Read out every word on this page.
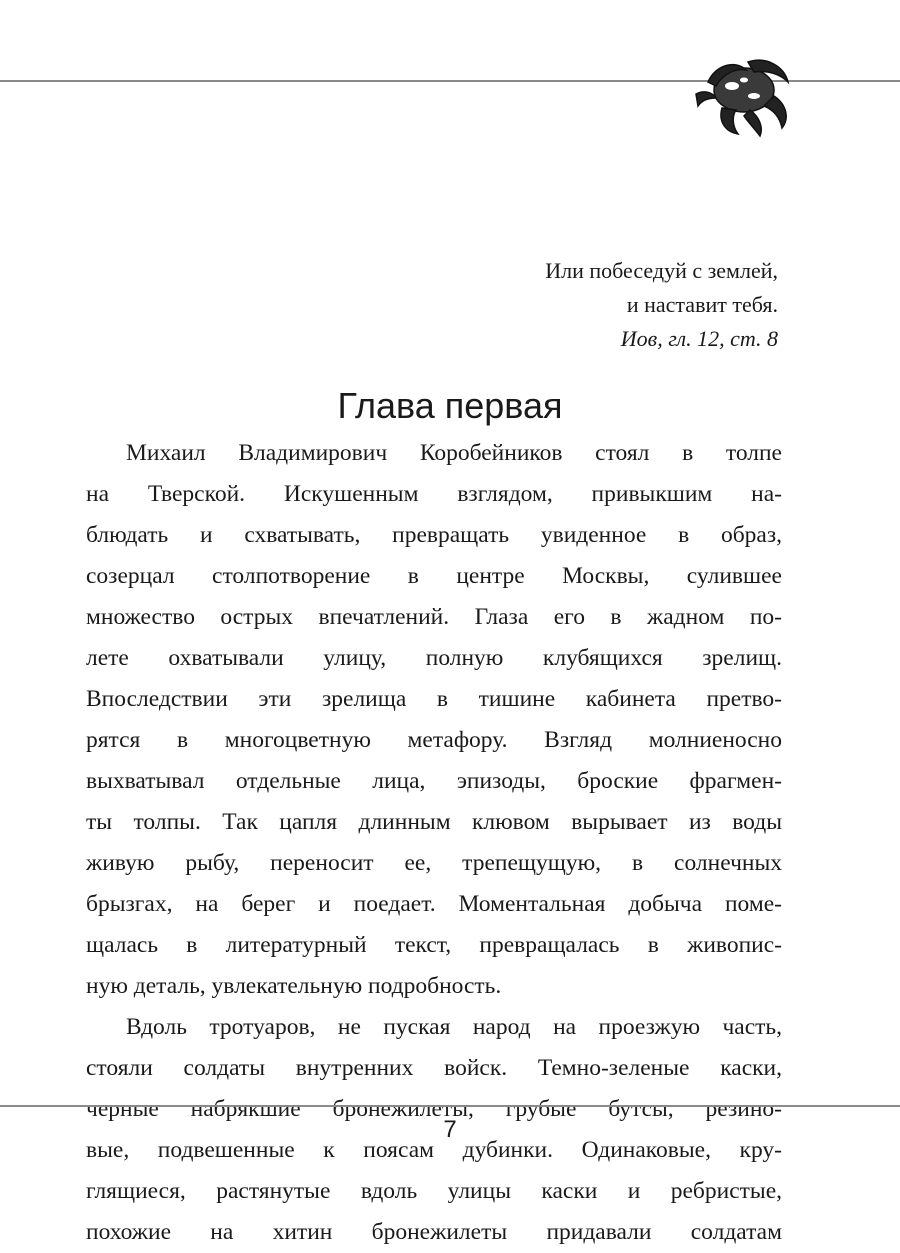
Или побеседуй с землей,
и наставит тебя.
Иов, гл. 12, ст. 8
Глава первая
Михаил Владимирович Коробейников стоял в толпе
на Тверской. Искушенным взглядом, привыкшим на-
блюдать и схватывать, превращать увиденное в образ,
созерцал столпотворение в центре Москвы, сулившее
множество острых впечатлений. Глаза его в жадном по-
лете охватывали улицу, полную клубящихся зрелищ.
Впоследствии эти зрелища в тишине кабинета претво-
рятся в многоцветную метафору. Взгляд молниеносно
выхватывал отдельные лица, эпизоды, броские фрагмен-
ты толпы. Так цапля длинным клювом вырывает из воды
живую рыбу, переносит ее, трепещущую, в солнечных
брызгах, на берег и поедает. Моментальная добыча поме-
щалась в литературный текст, превращалась в живопис-
ную деталь, увлекательную подробность.
Вдоль тротуаров, не пуская народ на проезжую часть,
стояли солдаты внутренних войск. Темно-зеленые каски,
черные набрякшие бронежилеты, грубые бутсы, резино-
вые, подвешенные к поясам дубинки. Одинаковые, кру-
глящиеся, растянутые вдоль улицы каски и ребристые,
похожие на хитин бронежилеты придавали солдатам
7
